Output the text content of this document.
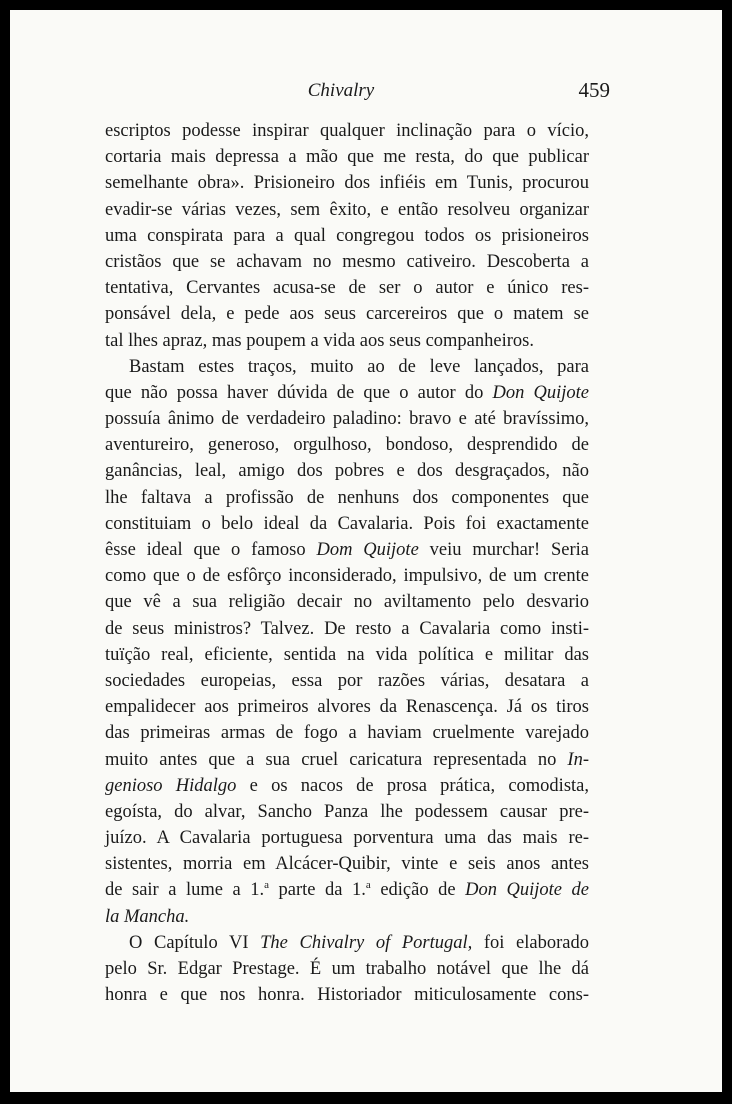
Chivalry	459
escriptos podesse inspirar qualquer inclinação para o vício,
cortaria mais depressa a mão que me resta, do que publicar
semelhante obra». Prisioneiro dos infiéis em Tunis, procurou
evadir-se várias vezes, sem êxito, e então resolveu organizar
uma conspirata para a qual congregou todos os prisioneiros
cristãos que se achavam no mesmo cativeiro. Descoberta a
tentativa, Cervantes acusa-se de ser o autor e único res-
ponsável dela, e pede aos seus carcereiros que o matem se
tal lhes apraz, mas poupem a vida aos seus companheiros.
Bastam estes traços, muito ao de leve lançados, para
que não possa haver dúvida de que o autor do Don Quijote
possuía ânimo de verdadeiro paladino: bravo e até bravíssimo,
aventureiro, generoso, orgulhoso, bondoso, desprendido de
ganâncias, leal, amigo dos pobres e dos desgraçados, não
lhe faltava a profissão de nenhuns dos componentes que
constituiam o belo ideal da Cavalaria. Pois foi exactamente
êsse ideal que o famoso Dom Quijote veiu murchar! Seria
como que o de esfôrço inconsiderado, impulsivo, de um crente
que vê a sua religião decair no aviltamento pelo desvario
de seus ministros? Talvez. De resto a Cavalaria como insti-
tuïção real, eficiente, sentida na vida política e militar das
sociedades europeias, essa por razões várias, desatara a
empalidecer aos primeiros alvores da Renascença. Já os tiros
das primeiras armas de fogo a haviam cruelmente varejado
muito antes que a sua cruel caricatura representada no In-
genioso Hidalgo e os nacos de prosa prática, comodista,
egoísta, do alvar, Sancho Panza lhe podessem causar pre-
juízo. A Cavalaria portuguesa porventura uma das mais re-
sistentes, morria em Alcácer-Quibir, vinte e seis anos antes
de sair a lume a 1.$^a$ parte da 1.$^a$ edição de Don Quijote de
la Mancha.
O Capítulo VI The Chivalry of Portugal, foi elaborado
pelo Sr. Edgar Prestage. É um trabalho notável que lhe dá
honra e que nos honra. Historiador miticulosamente cons-
